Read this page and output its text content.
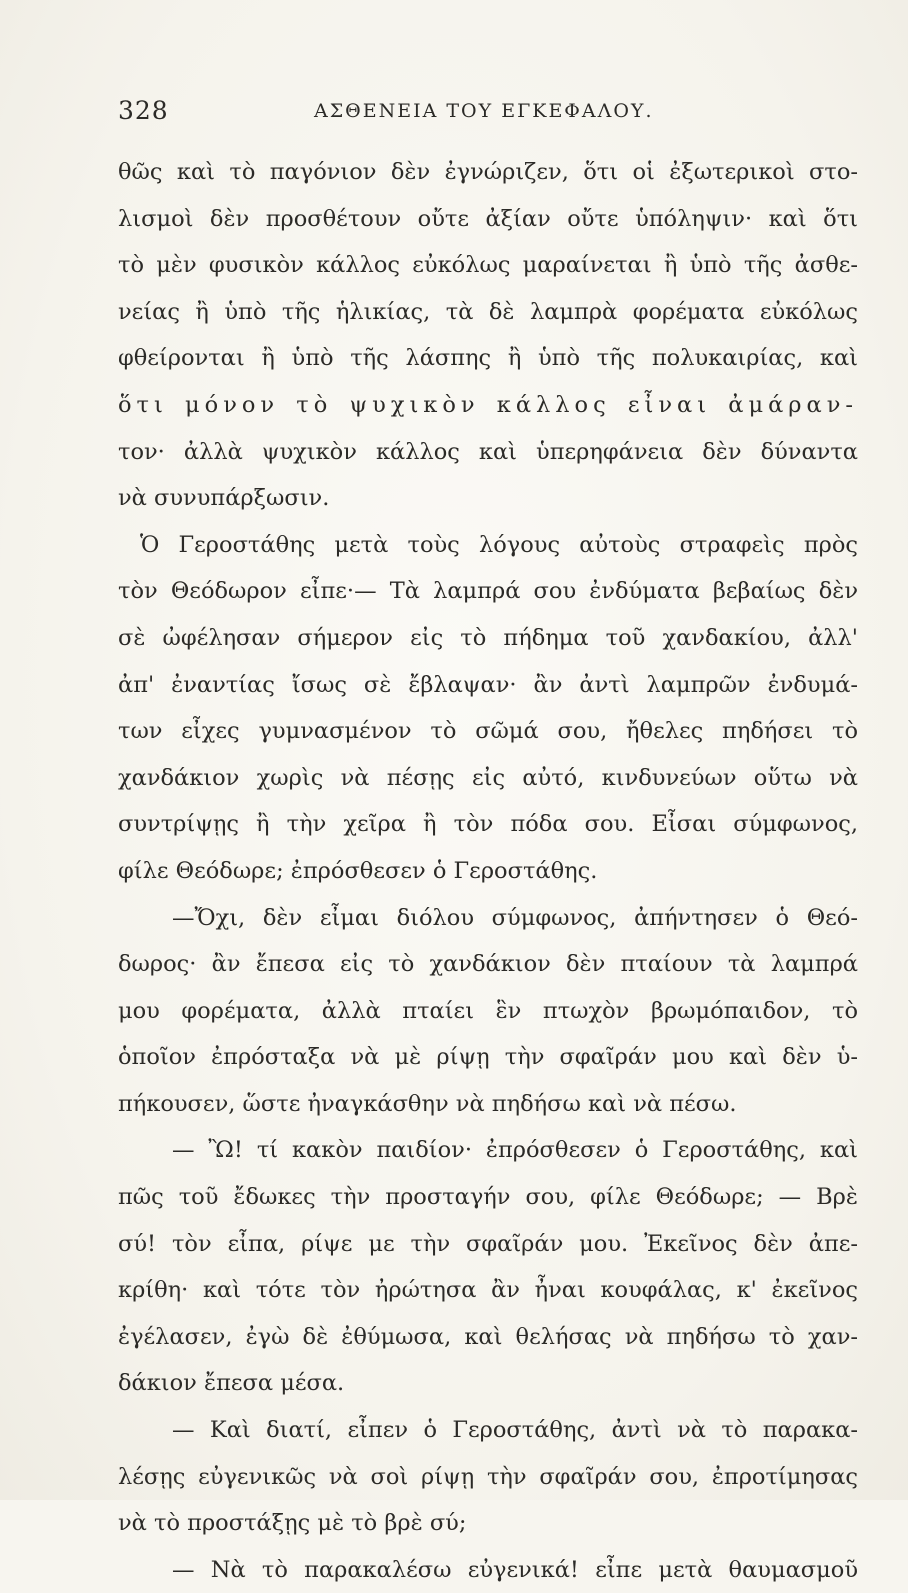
328	ΑΣΘΕΝΕΙΑ ΤΟΥ ΕΓΚΕΦΑΛΟΥ.
θῶς καὶ τὸ παγόνιον δὲν ἐγνώριζεν, ὅτι οἱ ἐξωτερικοὶ στο-
λισμοὶ δὲν προσθέτουν οὔτε ἀξίαν οὔτε ὑπόληψιν· καὶ ὅτι
τὸ μὲν φυσικὸν κάλλος εὐκόλως μαραίνεται ἢ ὑπὸ τῆς ἀσθε-
νείας ἢ ὑπὸ τῆς ἡλικίας, τὰ δὲ λαμπρὰ φορέματα εὐκόλως
φθείρονται ἢ ὑπὸ τῆς λάσπης ἢ ὑπὸ τῆς πολυκαιρίας, καὶ
ὅτι μόνον τὸ ψυχικὸν κάλλος εἶναι ἀμάραν-
τον· ἀλλὰ ψυχικὸν κάλλος καὶ ὑπερηφάνεια δὲν δύναντα
νὰ συνυπάρξωσιν.
Ὁ Γεροστάθης μετὰ τοὺς λόγους αὐτοὺς στραφεὶς πρὸς
τὸν Θεόδωρον εἶπε·— Τὰ λαμπρά σου ἐνδύματα βεβαίως δὲν
σὲ ὠφέλησαν σήμερον εἰς τὸ πήδημα τοῦ χανδακίου, ἀλλ'
ἀπ' ἐναντίας ἴσως σὲ ἔβλαψαν· ἂν ἀντὶ λαμπρῶν ἐνδυμά-
των εἶχες γυμνασμένον τὸ σῶμά σου, ἤθελες πηδήσει τὸ
χανδάκιον χωρὶς νὰ πέσῃς εἰς αὐτό, κινδυνεύων οὕτω νὰ
συντρίψῃς ἢ τὴν χεῖρα ἢ τὸν πόδα σου. Εἶσαι σύμφωνος,
φίλε Θεόδωρε; ἐπρόσθεσεν ὁ Γεροστάθης.
—Ὄχι, δὲν εἶμαι διόλου σύμφωνος, ἀπήντησεν ὁ Θεό-
δωρος· ἂν ἔπεσα εἰς τὸ χανδάκιον δὲν πταίουν τὰ λαμπρά
μου φορέματα, ἀλλὰ πταίει ἓν πτωχὸν βρωμόπαιδον, τὸ
ὁποῖον ἐπρόσταξα νὰ μὲ ρίψῃ τὴν σφαῖράν μου καὶ δὲν ὑ-
πήκουσεν, ὥστε ἠναγκάσθην νὰ πηδήσω καὶ νὰ πέσω.
— Ὢ! τί κακὸν παιδίον· ἐπρόσθεσεν ὁ Γεροστάθης, καὶ
πῶς τοῦ ἔδωκες τὴν προσταγήν σου, φίλε Θεόδωρε; — Βρὲ
σύ! τὸν εἶπα, ρίψε με τὴν σφαῖράν μου. Ἐκεῖνος δὲν ἀπε-
κρίθη· καὶ τότε τὸν ἠρώτησα ἂν ἦναι κουφάλας, κ' ἐκεῖνος
ἐγέλασεν, ἐγὼ δὲ ἐθύμωσα, καὶ θελήσας νὰ πηδήσω τὸ χαν-
δάκιον ἔπεσα μέσα.
— Καὶ διατί, εἶπεν ὁ Γεροστάθης, ἀντὶ νὰ τὸ παρακα-
λέσῃς εὐγενικῶς νὰ σοὶ ρίψῃ τὴν σφαῖράν σου, ἐπροτίμησας
νὰ τὸ προστάξῃς μὲ τὸ βρὲ σύ;
— Νὰ τὸ παρακαλέσω εὐγενικά! εἶπε μετὰ θαυμασμοῦ
